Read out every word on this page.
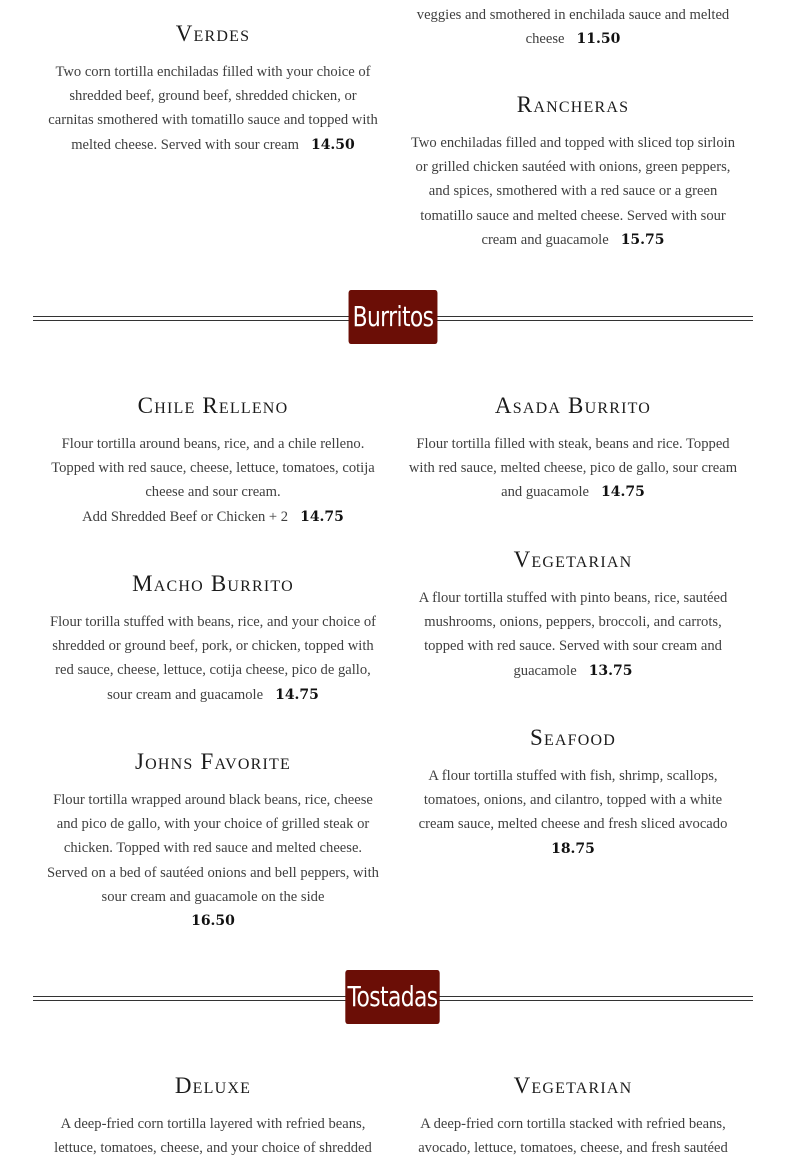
Verdes

Two corn tortilla enchiladas filled with your choice of shredded beef, ground beef, shredded chicken, or carnitas smothered with tomatillo sauce and topped with melted cheese. Served with sour cream 14.50

veggies and smothered in enchilada sauce and melted cheese 11.50

Rancheras

Two enchiladas filled and topped with sliced top sirloin or grilled chicken sautéed with onions, green peppers, and spices, smothered with a red sauce or a green tomatillo sauce and melted cheese. Served with sour cream and guacamole 15.75

Burritos
Chile Relleno

Flour tortilla around beans, rice, and a chile relleno. Topped with red sauce, cheese, lettuce, tomatoes, cotija cheese and sour cream.
Add Shredded Beef or Chicken + 2 14.75

Macho Burrito

Flour torilla stuffed with beans, rice, and your choice of shredded or ground beef, pork, or chicken, topped with red sauce, cheese, lettuce, cotija cheese, pico de gallo, sour cream and guacamole 14.75

Johns Favorite

Flour tortilla wrapped around black beans, rice, cheese and pico de gallo, with your choice of grilled steak or chicken. Topped with red sauce and melted cheese. Served on a bed of sautéed onions and bell peppers, with sour cream and guacamole on the side
16.50

Asada Burrito

Flour tortilla filled with steak, beans and rice. Topped with red sauce, melted cheese, pico de gallo, sour cream and guacamole 14.75

Vegetarian

A flour tortilla stuffed with pinto beans, rice, sautéed mushrooms, onions, peppers, broccoli, and carrots, topped with red sauce. Served with sour cream and guacamole 13.75

Seafood

A flour tortilla stuffed with fish, shrimp, scallops, tomatoes, onions, and cilantro, topped with a white cream sauce, melted cheese and fresh sliced avocado
18.75

Tostadas
Deluxe

A deep-fried corn tortilla layered with refried beans, lettuce, tomatoes, cheese, and your choice of shredded

Vegetarian

A deep-fried corn tortilla stacked with refried beans, avocado, lettuce, tomatoes, cheese, and fresh sautéed
